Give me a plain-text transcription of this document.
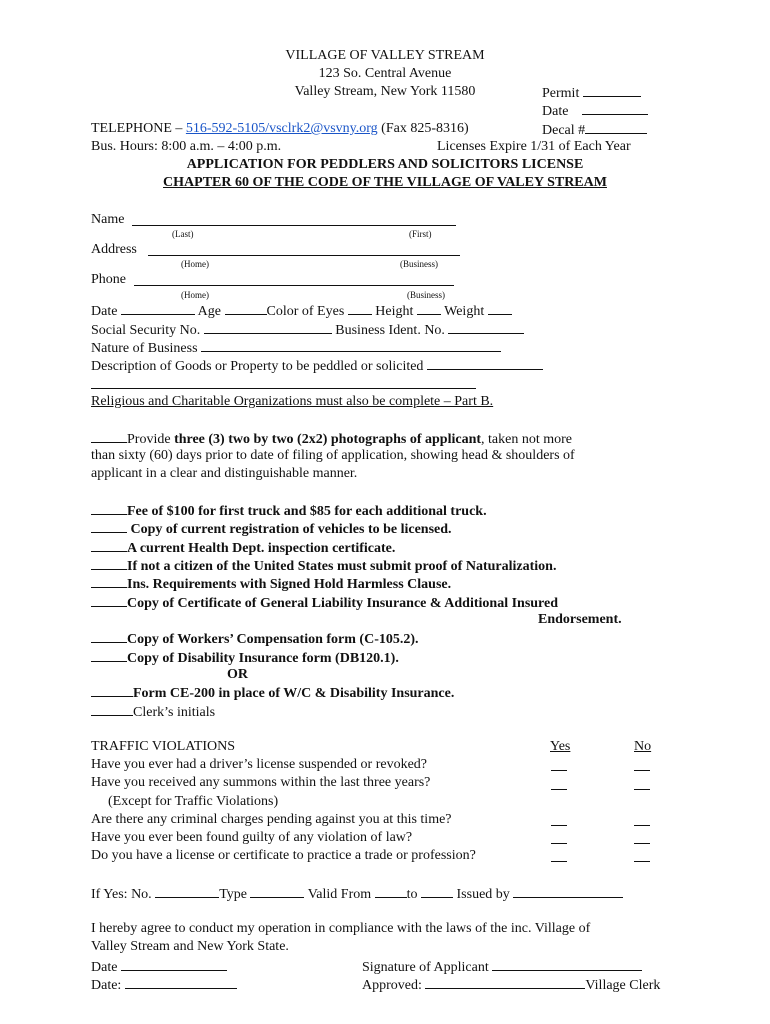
VILLAGE OF VALLEY STREAM
123 So. Central Avenue
Valley Stream, New York 11580	Permit
Date
TELEPHONE – 516-592-5105/vsclrk2@vsvny.org (Fax 825-8316)	Decal #
Bus. Hours: 8:00 a.m. – 4:00 p.m.	Licenses Expire 1/31 of Each Year
APPLICATION FOR PEDDLERS AND SOLICITORS LICENSE
CHAPTER 60 OF THE CODE OF THE VILLAGE OF VALEY STREAM
Name
(Last)	(First)
Address
(Home)	(Business)
Phone
(Home)	(Business)
Date	Age	Color of Eyes Height Weight
Social Security No.	Business Ident. No.
Nature of Business
Description of Goods or Property to be peddled or solicited
Religious and Charitable Organizations must also be complete – Part B.
Provide three (3) two by two (2x2) photographs of applicant, taken not more
than sixty (60) days prior to date of filing of application, showing head & shoulders of
applicant in a clear and distinguishable manner.
Fee of $100 for first truck and $85 for each additional truck.
Copy of current registration of vehicles to be licensed.
A current Health Dept. inspection certificate.
If not a citizen of the United States must submit proof of Naturalization.
Ins. Requirements with Signed Hold Harmless Clause.
Copy of Certificate of General Liability Insurance & Additional Insured
Endorsement.
Copy of Workers’ Compensation form (C-105.2).
Copy of Disability Insurance form (DB120.1).
OR
Form CE-200 in place of W/C & Disability Insurance.
Clerk’s initials
TRAFFIC VIOLATIONS	Yes	No
Have you ever had a driver’s license suspended or revoked?
Have you received any summons within the last three years?
(Except for Traffic Violations)
Are there any criminal charges pending against you at this time?
Have you ever been found guilty of any violation of law?
Do you have a license or certificate to practice a trade or profession?
If Yes: No.	Type	Valid From	to	Issued by
I hereby agree to conduct my operation in compliance with the laws of the inc. Village of
Valley Stream and New York State.
Date	Signature of Applicant
Date:	Approved:	Village Clerk
